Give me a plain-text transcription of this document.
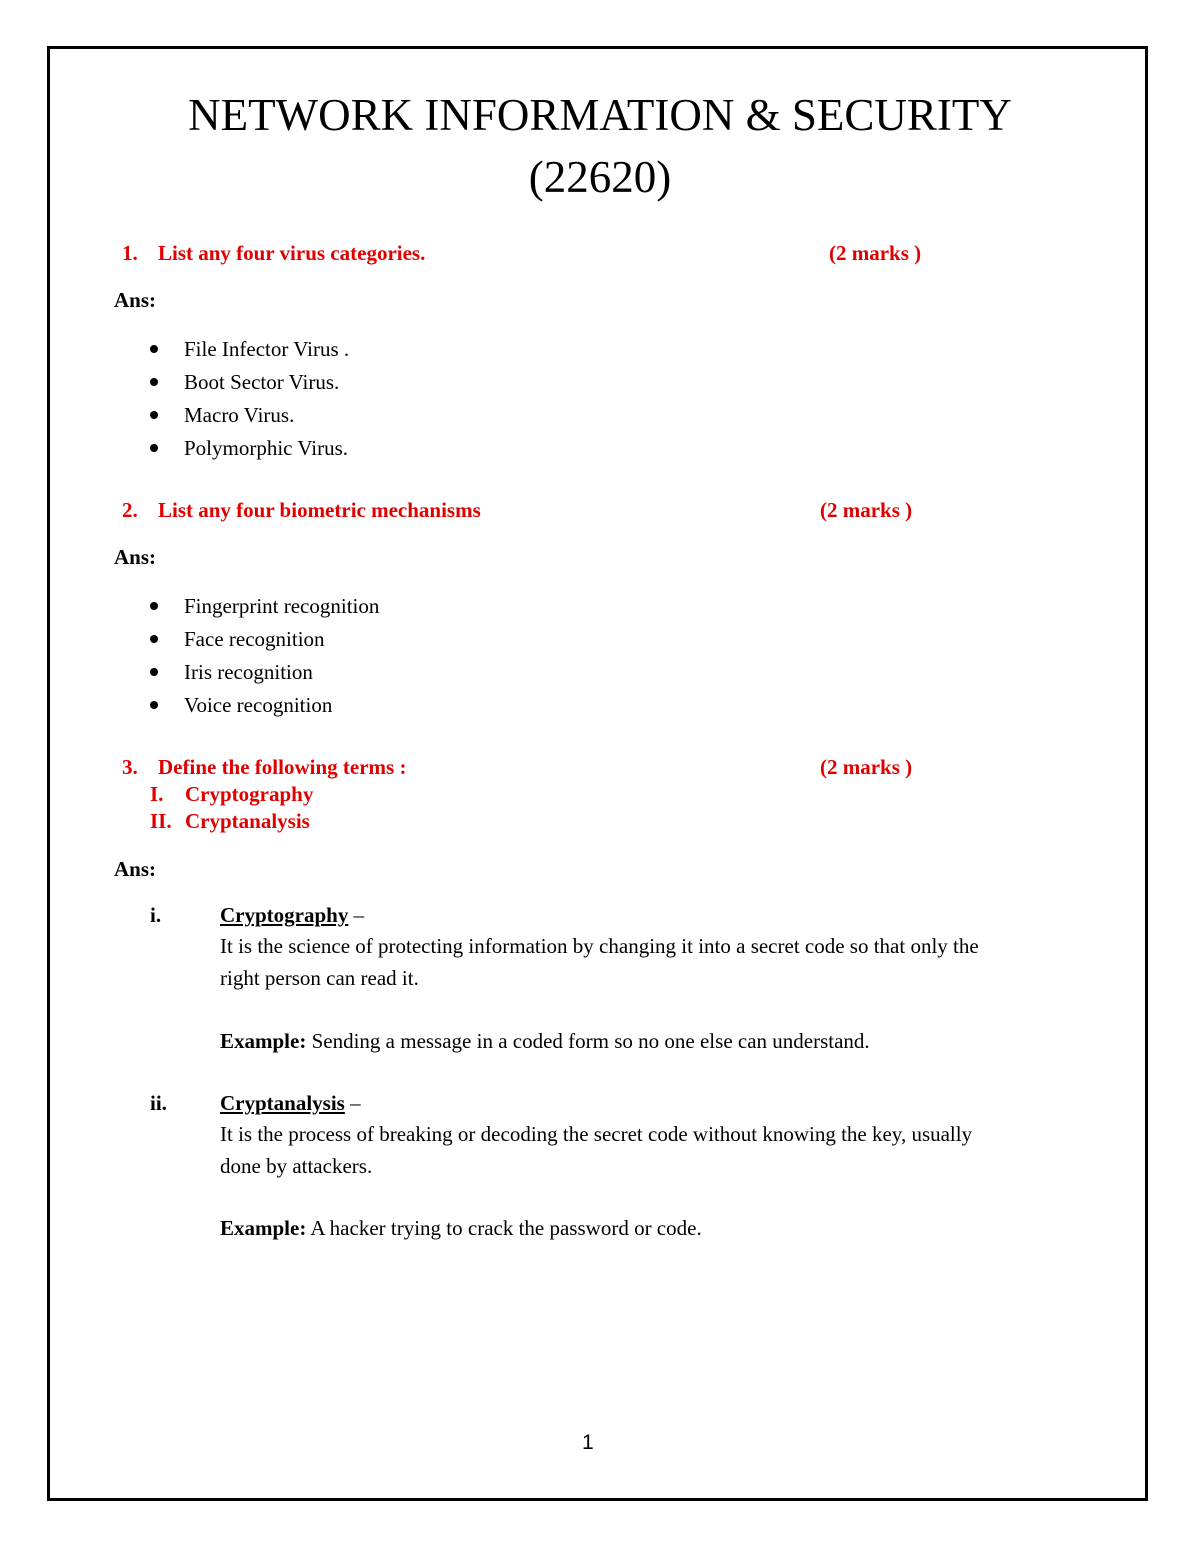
NETWORK INFORMATION & SECURITY
(22620)
1. List any four virus categories.	(2 marks )
Ans:
File Infector Virus .
Boot Sector Virus.
Macro Virus.
Polymorphic Virus.
2. List any four biometric mechanisms	(2 marks )
Ans:
Fingerprint recognition
Face recognition
Iris recognition
Voice recognition
3. Define the following terms :	(2 marks )
I. Cryptography
II. Cryptanalysis
Ans:
i.	Cryptography –
It is the science of protecting information by changing it into a secret code so that only the
right person can read it.
Example: Sending a message in a coded form so no one else can understand.
ii.	Cryptanalysis –
It is the process of breaking or decoding the secret code without knowing the key, usually
done by attackers.
Example: A hacker trying to crack the password or code.
1
